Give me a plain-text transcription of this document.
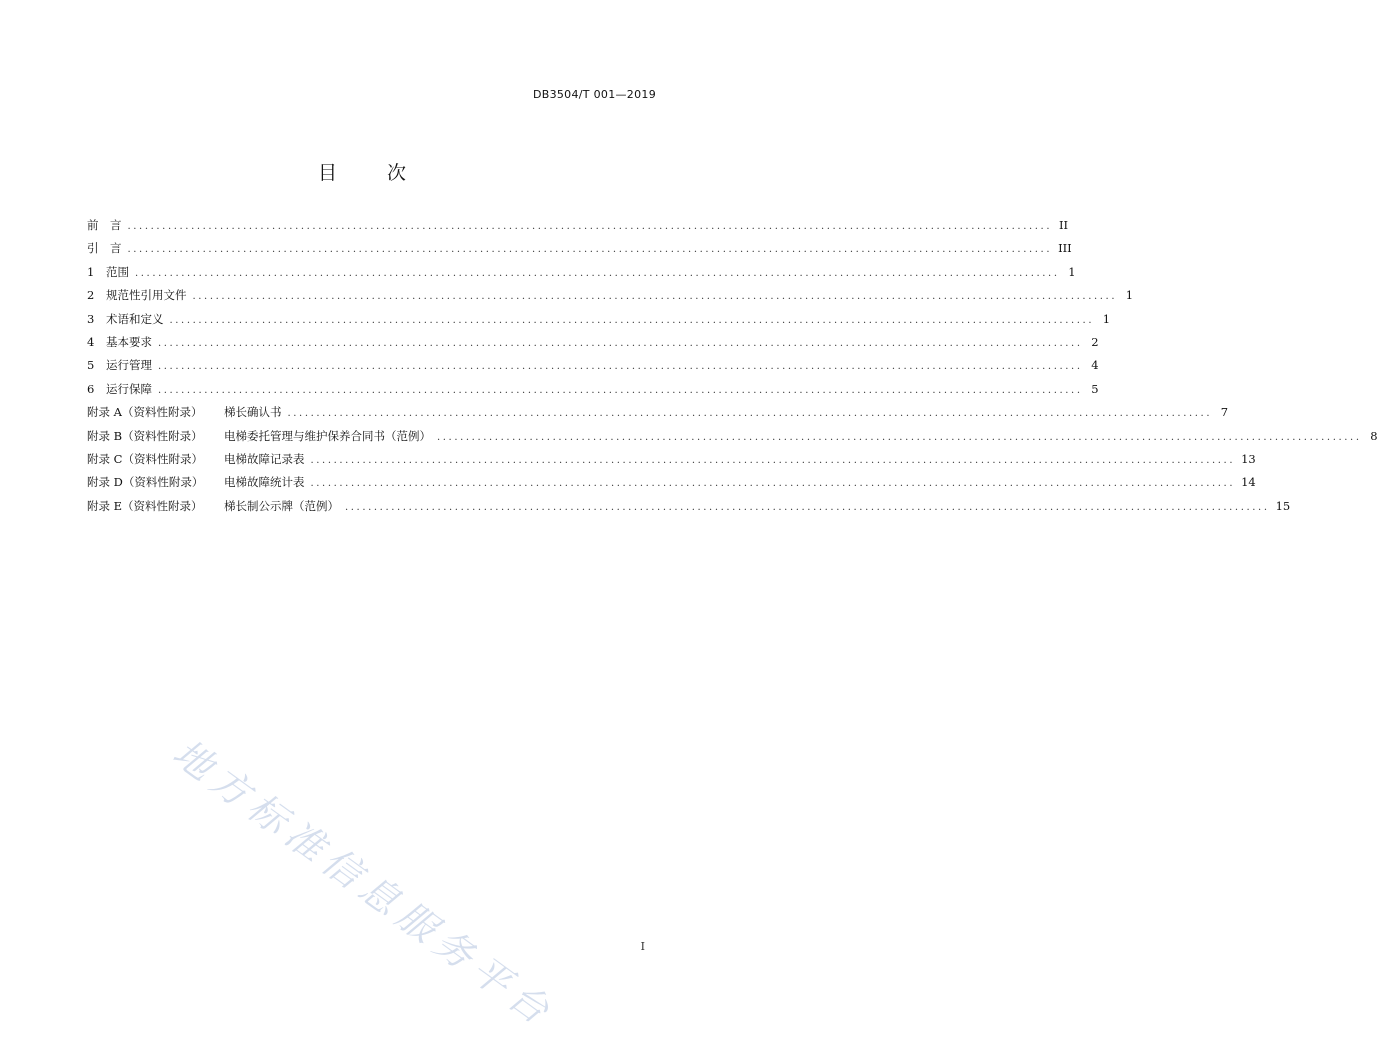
DB3504/T 001—2019
目 次
前　言 ................................................................................................................................................................ II
引　言 ................................................................................................................................................................ III
1 范围 ................................................................................................................................................................ 1
2 规范性引用文件 ................................................................................................................................................................ 1
3 术语和定义 ................................................................................................................................................................ 1
4 基本要求 ................................................................................................................................................................ 2
5 运行管理 ................................................................................................................................................................ 4
6 运行保障 ................................................................................................................................................................ 5
附录 A（资料性附录） 梯长确认书 ................................................................................................................................................................ 7
附录 B（资料性附录） 电梯委托管理与维护保养合同书（范例） ................................................................................................................................................................ 8
附录 C（资料性附录） 电梯故障记录表 ................................................................................................................................................................ 13
附录 D（资料性附录） 电梯故障统计表 ................................................................................................................................................................ 14
附录 E（资料性附录） 梯长制公示牌（范例） ................................................................................................................................................................ 15
地方标准信息服务平台	I
